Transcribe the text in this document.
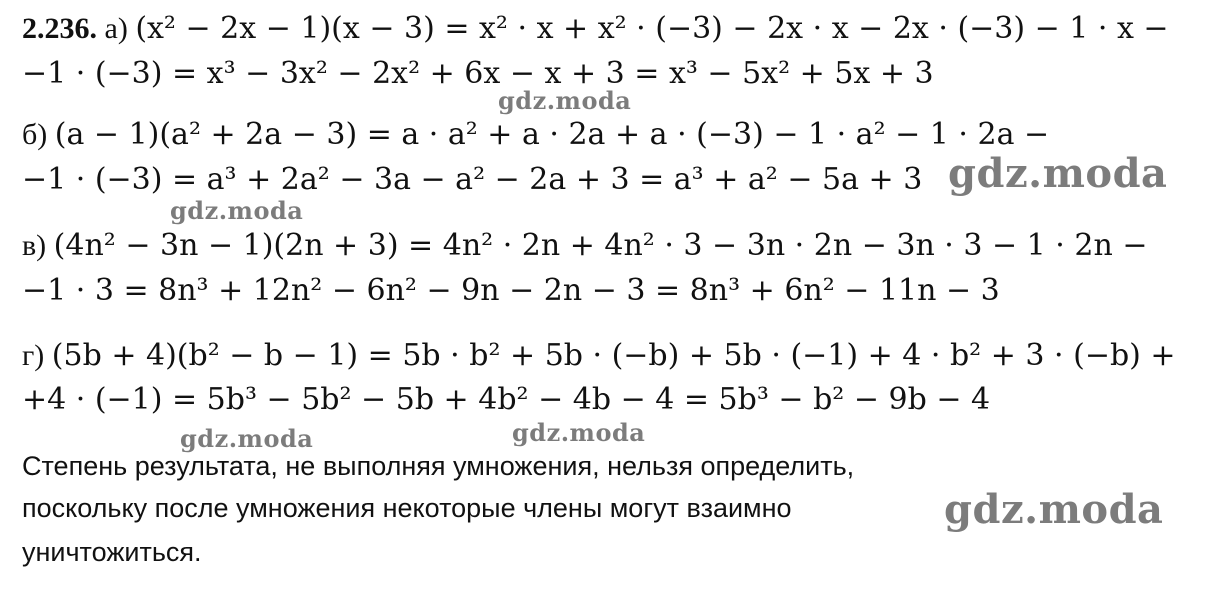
2.236. а) (x² − 2x − 1)(x − 3) = x² · x + x² · (−3) − 2x · x − 2x · (−3) − 1 · x −
−1 · (−3) = x³ − 3x² − 2x² + 6x − x + 3 = x³ − 5x² + 5x + 3
б) (a − 1)(a² + 2a − 3) = a · a² + a · 2a + a · (−3) − 1 · a² − 1 · 2a −
−1 · (−3) = a³ + 2a² − 3a − a² − 2a + 3 = a³ + a² − 5a + 3
в) (4n² − 3n − 1)(2n + 3) = 4n² · 2n + 4n² · 3 − 3n · 2n − 3n · 3 − 1 · 2n −
−1 · 3 = 8n³ + 12n² − 6n² − 9n − 2n − 3 = 8n³ + 6n² − 11n − 3
г) (5b + 4)(b² − b − 1) = 5b · b² + 5b · (−b) + 5b · (−1) + 4 · b² + 3 · (−b) +
+4 · (−1) = 5b³ − 5b² − 5b + 4b² − 4b − 4 = 5b³ − b² − 9b − 4
Степень результата, не выполняя умножения, нельзя определить,
поскольку после умножения некоторые члены могут взаимно
уничтожиться.
gdz.moda
gdz.moda
gdz.moda
gdz.moda	gdz.moda
gdz.moda
